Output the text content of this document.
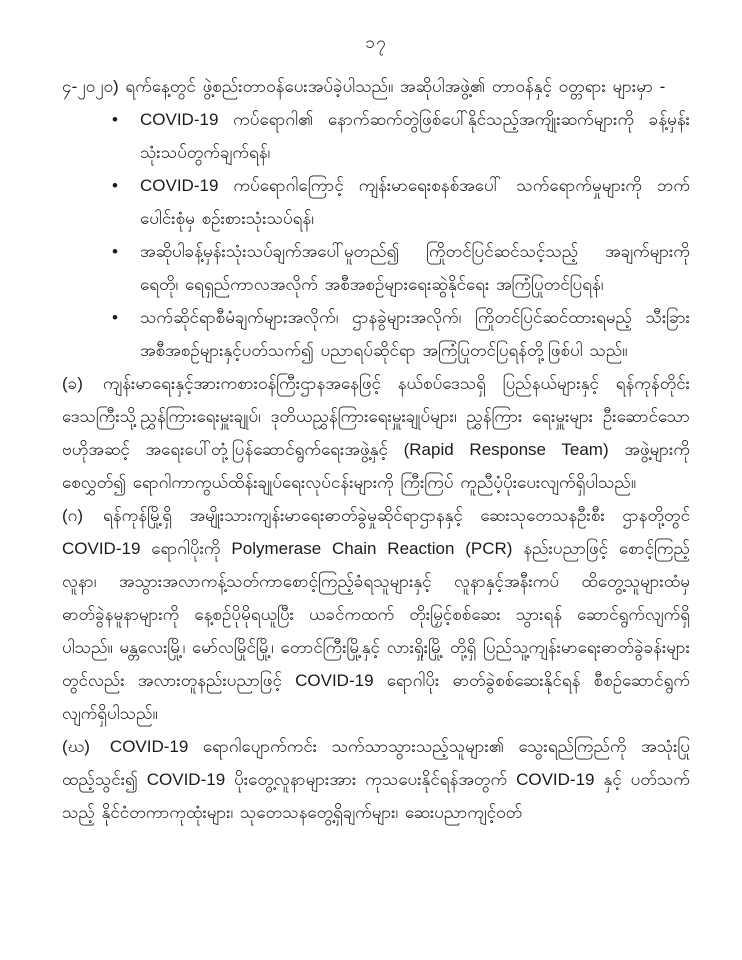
၁၇

၄-၂၀၂၀) ရက်နေ့တွင် ဖွဲ့စည်းတာဝန်ပေးအပ်ခဲ့ပါသည်။ အဆိုပါအဖွဲ့၏ တာဝန်နှင့် ဝတ္တရား များမှာ -

• COVID-19 ကပ်ရောဂါ၏ နောက်ဆက်တွဲဖြစ်ပေါ်နိုင်သည့်အကျိုးဆက်များကို ခန့်မှန်း သုံးသပ်တွက်ချက်ရန်၊
• COVID-19 ကပ်ရောဂါကြောင့် ကျန်းမာရေးစနစ်အပေါ် သက်ရောက်မှုများကို ဘက် ပေါင်းစုံမှ စဉ်းစားသုံးသပ်ရန်၊
• အဆိုပါခန့်မှန်းသုံးသပ်ချက်အပေါ်မူတည်၍ ကြိုတင်ပြင်ဆင်သင့်သည့် အချက်များကို ရေတို၊ ရေရှည်ကာလအလိုက် အစီအစဉ်များရေးဆွဲနိုင်ရေး အကြံပြုတင်ပြရန်၊
• သက်ဆိုင်ရာစီမံချက်များအလိုက်၊ ဌာနခွဲများအလိုက်၊ ကြိုတင်ပြင်ဆင်ထားရမည့် သီးခြားအစီအစဉ်များနှင့်ပတ်သက်၍ ပညာရပ်ဆိုင်ရာ အကြံပြုတင်ပြရန်တို့ဖြစ်ပါ သည်။

(ခ) ကျန်းမာရေးနှင့်အားကစားဝန်ကြီးဌာနအနေဖြင့် နယ်စပ်ဒေသရှိ ပြည်နယ်များနှင့် ရန်ကုန်တိုင်းဒေသကြီးသို့ညွှန်ကြားရေးမှူးချုပ်၊ ဒုတိယညွှန်ကြားရေးမှူးချုပ်များ၊ ညွှန်ကြား ရေးမှူးများ ဦးဆောင်သော ဗဟိုအဆင့် အရေးပေါ်တုံ့ပြန်ဆောင်ရွက်ရေးအဖွဲ့နှင့် (Rapid Response Team) အဖွဲ့များကိုစေလွှတ်၍ ရောဂါကာကွယ်ထိန်းချုပ်ရေးလုပ်ငန်းများကို ကြီးကြပ် ကူညီပံ့ပိုးပေးလျက်ရှိပါသည်။

(ဂ) ရန်ကုန်မြို့ရှိ အမျိုးသားကျန်းမာရေးဓာတ်ခွဲမှုဆိုင်ရာဌာနနှင့် ဆေးသုတေသနဦးစီး ဌာနတို့တွင် COVID-19 ရောဂါပိုးကို Polymerase Chain Reaction (PCR) နည်းပညာဖြင့် စောင့်ကြည့်လူနာ၊ အသွားအလာကန့်သတ်ကာစောင့်ကြည့်ခံရသူများနှင့် လူနာနှင့်အနီးကပ် ထိတွေ့သူများထံမှ ဓာတ်ခွဲနမူနာများကို နေ့စဉ်ပိုမိုရယူပြီး ယခင်ကထက် တိုးမြှင့်စစ်ဆေး သွားရန် ဆောင်ရွက်လျက်ရှိပါသည်။ မန္တလေးမြို့၊ မော်လမြိုင်မြို့၊ တောင်ကြီးမြို့နှင့် လားရှိုးမြို့ တို့ရှိ ပြည်သူ့ကျန်းမာရေးဓာတ်ခွဲခန်းများတွင်လည်း အလားတူနည်းပညာဖြင့် COVID-19 ရောဂါပိုး ဓာတ်ခွဲစစ်ဆေးနိုင်ရန် စီစဉ်ဆောင်ရွက်လျက်ရှိပါသည်။

(ဃ) COVID-19 ရောဂါပျောက်ကင်း သက်သာသွားသည့်သူများ၏ သွေးရည်ကြည်ကို အသုံးပြု ထည့်သွင်း၍ COVID-19 ပိုးတွေ့လူနာများအား ကုသပေးနိုင်ရန်အတွက် COVID-19 နှင့် ပတ်သက်သည့် နိုင်ငံတကာကုထုံးများ၊ သုတေသနတွေ့ရှိချက်များ၊ ဆေးပညာကျင့်ဝတ်
